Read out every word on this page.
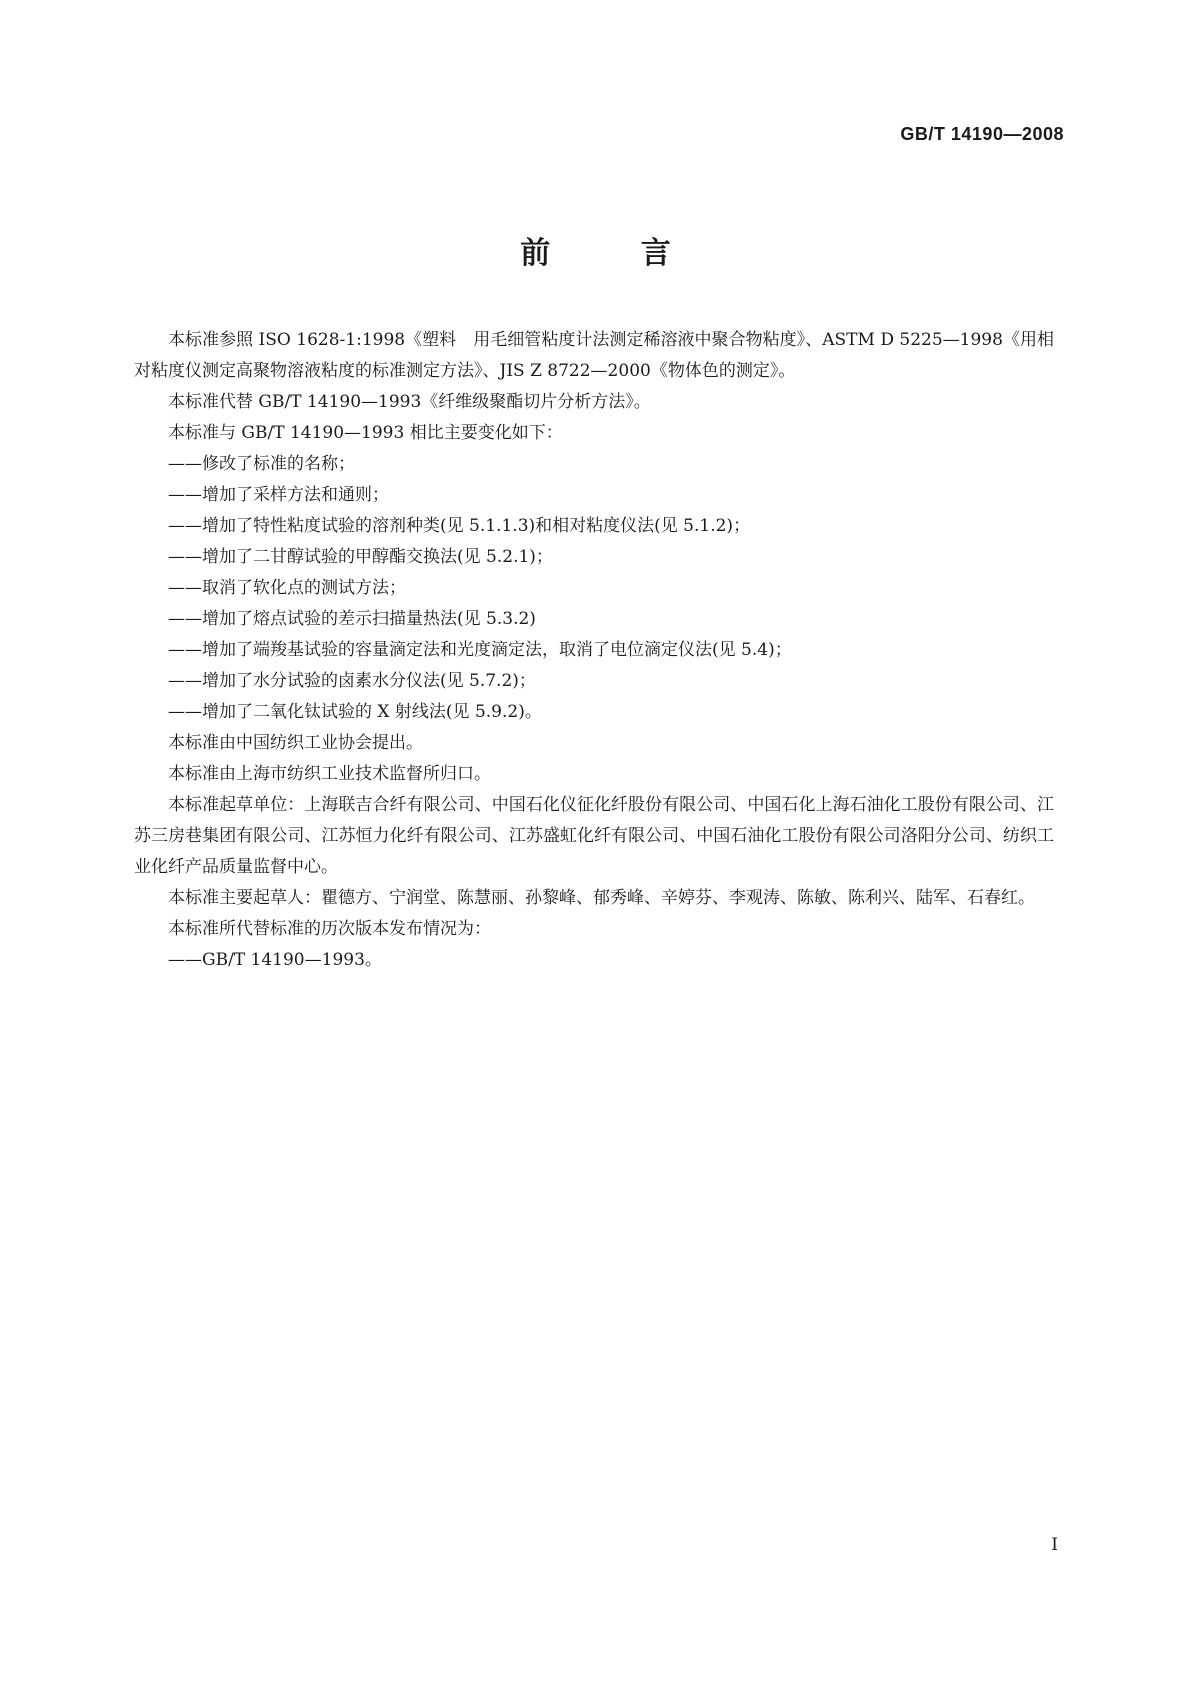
GB/T 14190—2008
前 言

本标准参照 ISO 1628-1:1998《塑料　用毛细管粘度计法测定稀溶液中聚合物粘度》、ASTM D 5225—1998《用相对粘度仪测定高聚物溶液粘度的标准测定方法》、JIS Z 8722—2000《物体色的测定》。

本标准代替 GB/T 14190—1993《纤维级聚酯切片分析方法》。

本标准与 GB/T 14190—1993 相比主要变化如下：

——修改了标准的名称；

——增加了采样方法和通则；

——增加了特性粘度试验的溶剂种类(见 5.1.1.3)和相对粘度仪法(见 5.1.2)；

——增加了二甘醇试验的甲醇酯交换法(见 5.2.1)；

——取消了软化点的测试方法；

——增加了熔点试验的差示扫描量热法(见 5.3.2)

——增加了端羧基试验的容量滴定法和光度滴定法，取消了电位滴定仪法(见 5.4)；

——增加了水分试验的卤素水分仪法(见 5.7.2)；

——增加了二氧化钛试验的 X 射线法(见 5.9.2)。

本标准由中国纺织工业协会提出。

本标准由上海市纺织工业技术监督所归口。

本标准起草单位：上海联吉合纤有限公司、中国石化仪征化纤股份有限公司、中国石化上海石油化工股份有限公司、江苏三房巷集团有限公司、江苏恒力化纤有限公司、江苏盛虹化纤有限公司、中国石油化工股份有限公司洛阳分公司、纺织工业化纤产品质量监督中心。

本标准主要起草人：瞿德方、宁润堂、陈慧丽、孙黎峰、郁秀峰、辛婷芬、李观涛、陈敏、陈利兴、陆军、石春红。

本标准所代替标准的历次版本发布情况为：

——GB/T 14190—1993。

I
